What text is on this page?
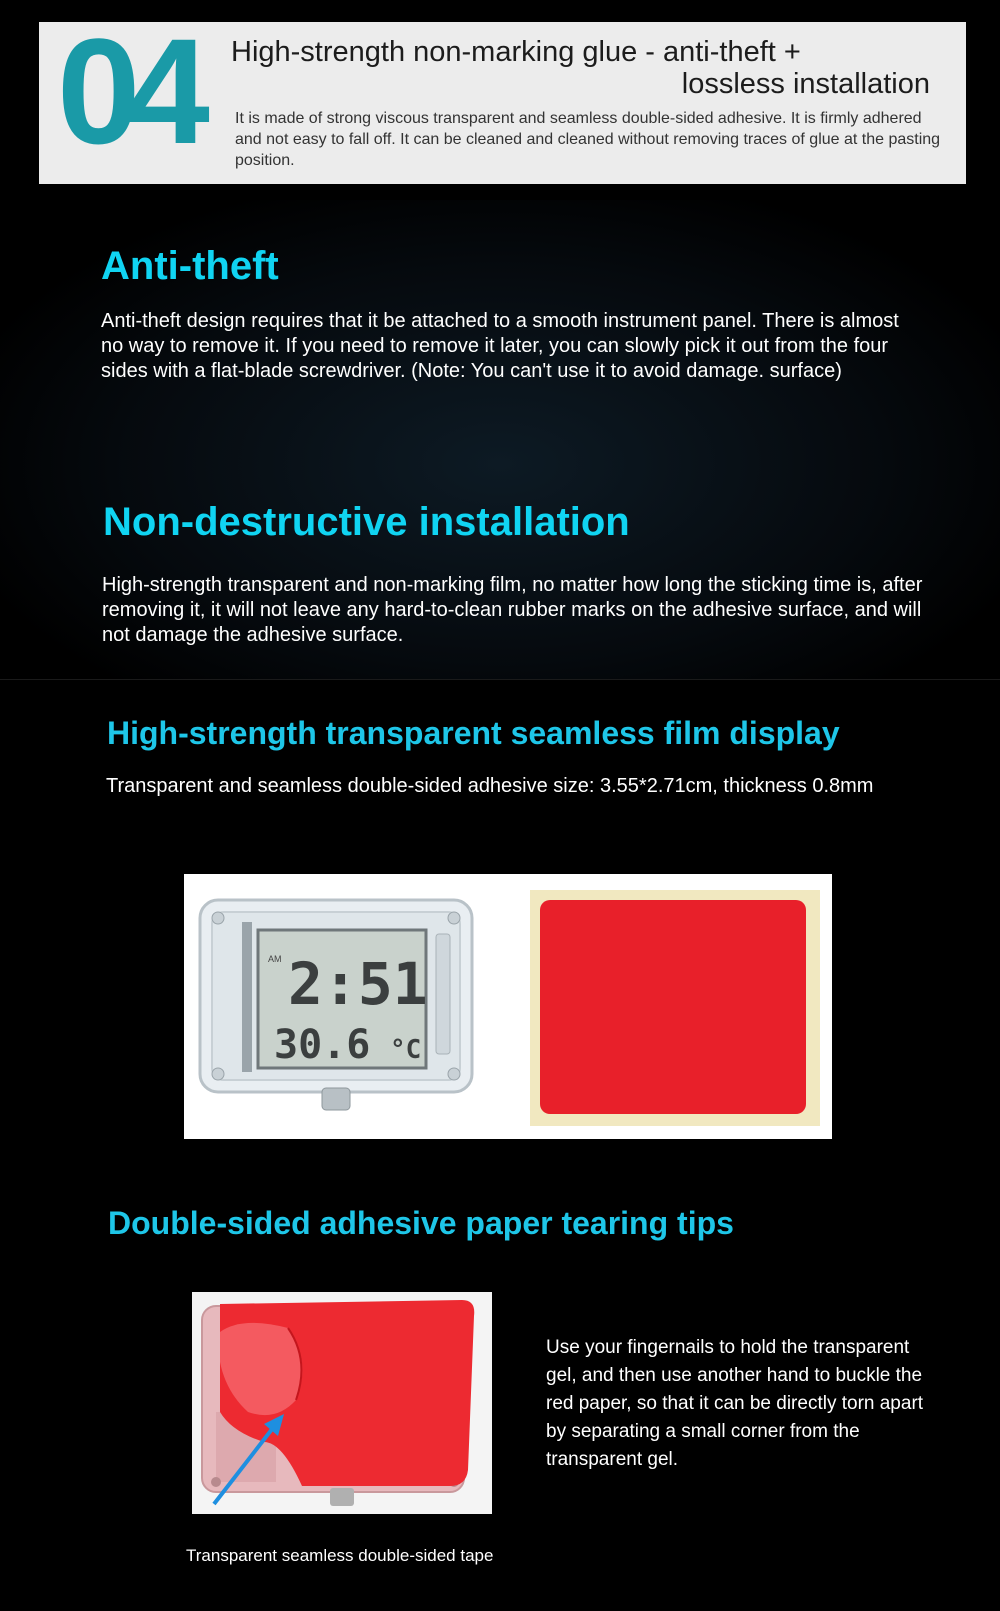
04 High-strength non-marking glue - anti-theft +
lossless installation
It is made of strong viscous transparent and seamless double-sided adhesive. It is firmly adhered and not easy to fall off. It can be cleaned and cleaned without removing traces of glue at the pasting position.
Anti-theft
Anti-theft design requires that it be attached to a smooth instrument panel. There is almost no way to remove it. If you need to remove it later, you can slowly pick it out from the four sides with a flat-blade screwdriver. (Note: You can't use it to avoid damage. surface)
Non-destructive installation
High-strength transparent and non-marking film, no matter how long the sticking time is, after removing it, it will not leave any hard-to-clean rubber marks on the adhesive surface, and will not damage the adhesive surface.
High-strength transparent seamless film display
Transparent and seamless double-sided adhesive size: 3.55*2.71cm, thickness 0.8mm
AM 2:51
30.6 °C
Double-sided adhesive paper tearing tips
Use your fingernails to hold the transparent gel, and then use another hand to buckle the red paper, so that it can be directly torn apart by separating a small corner from the transparent gel.
Transparent seamless double-sided tape
